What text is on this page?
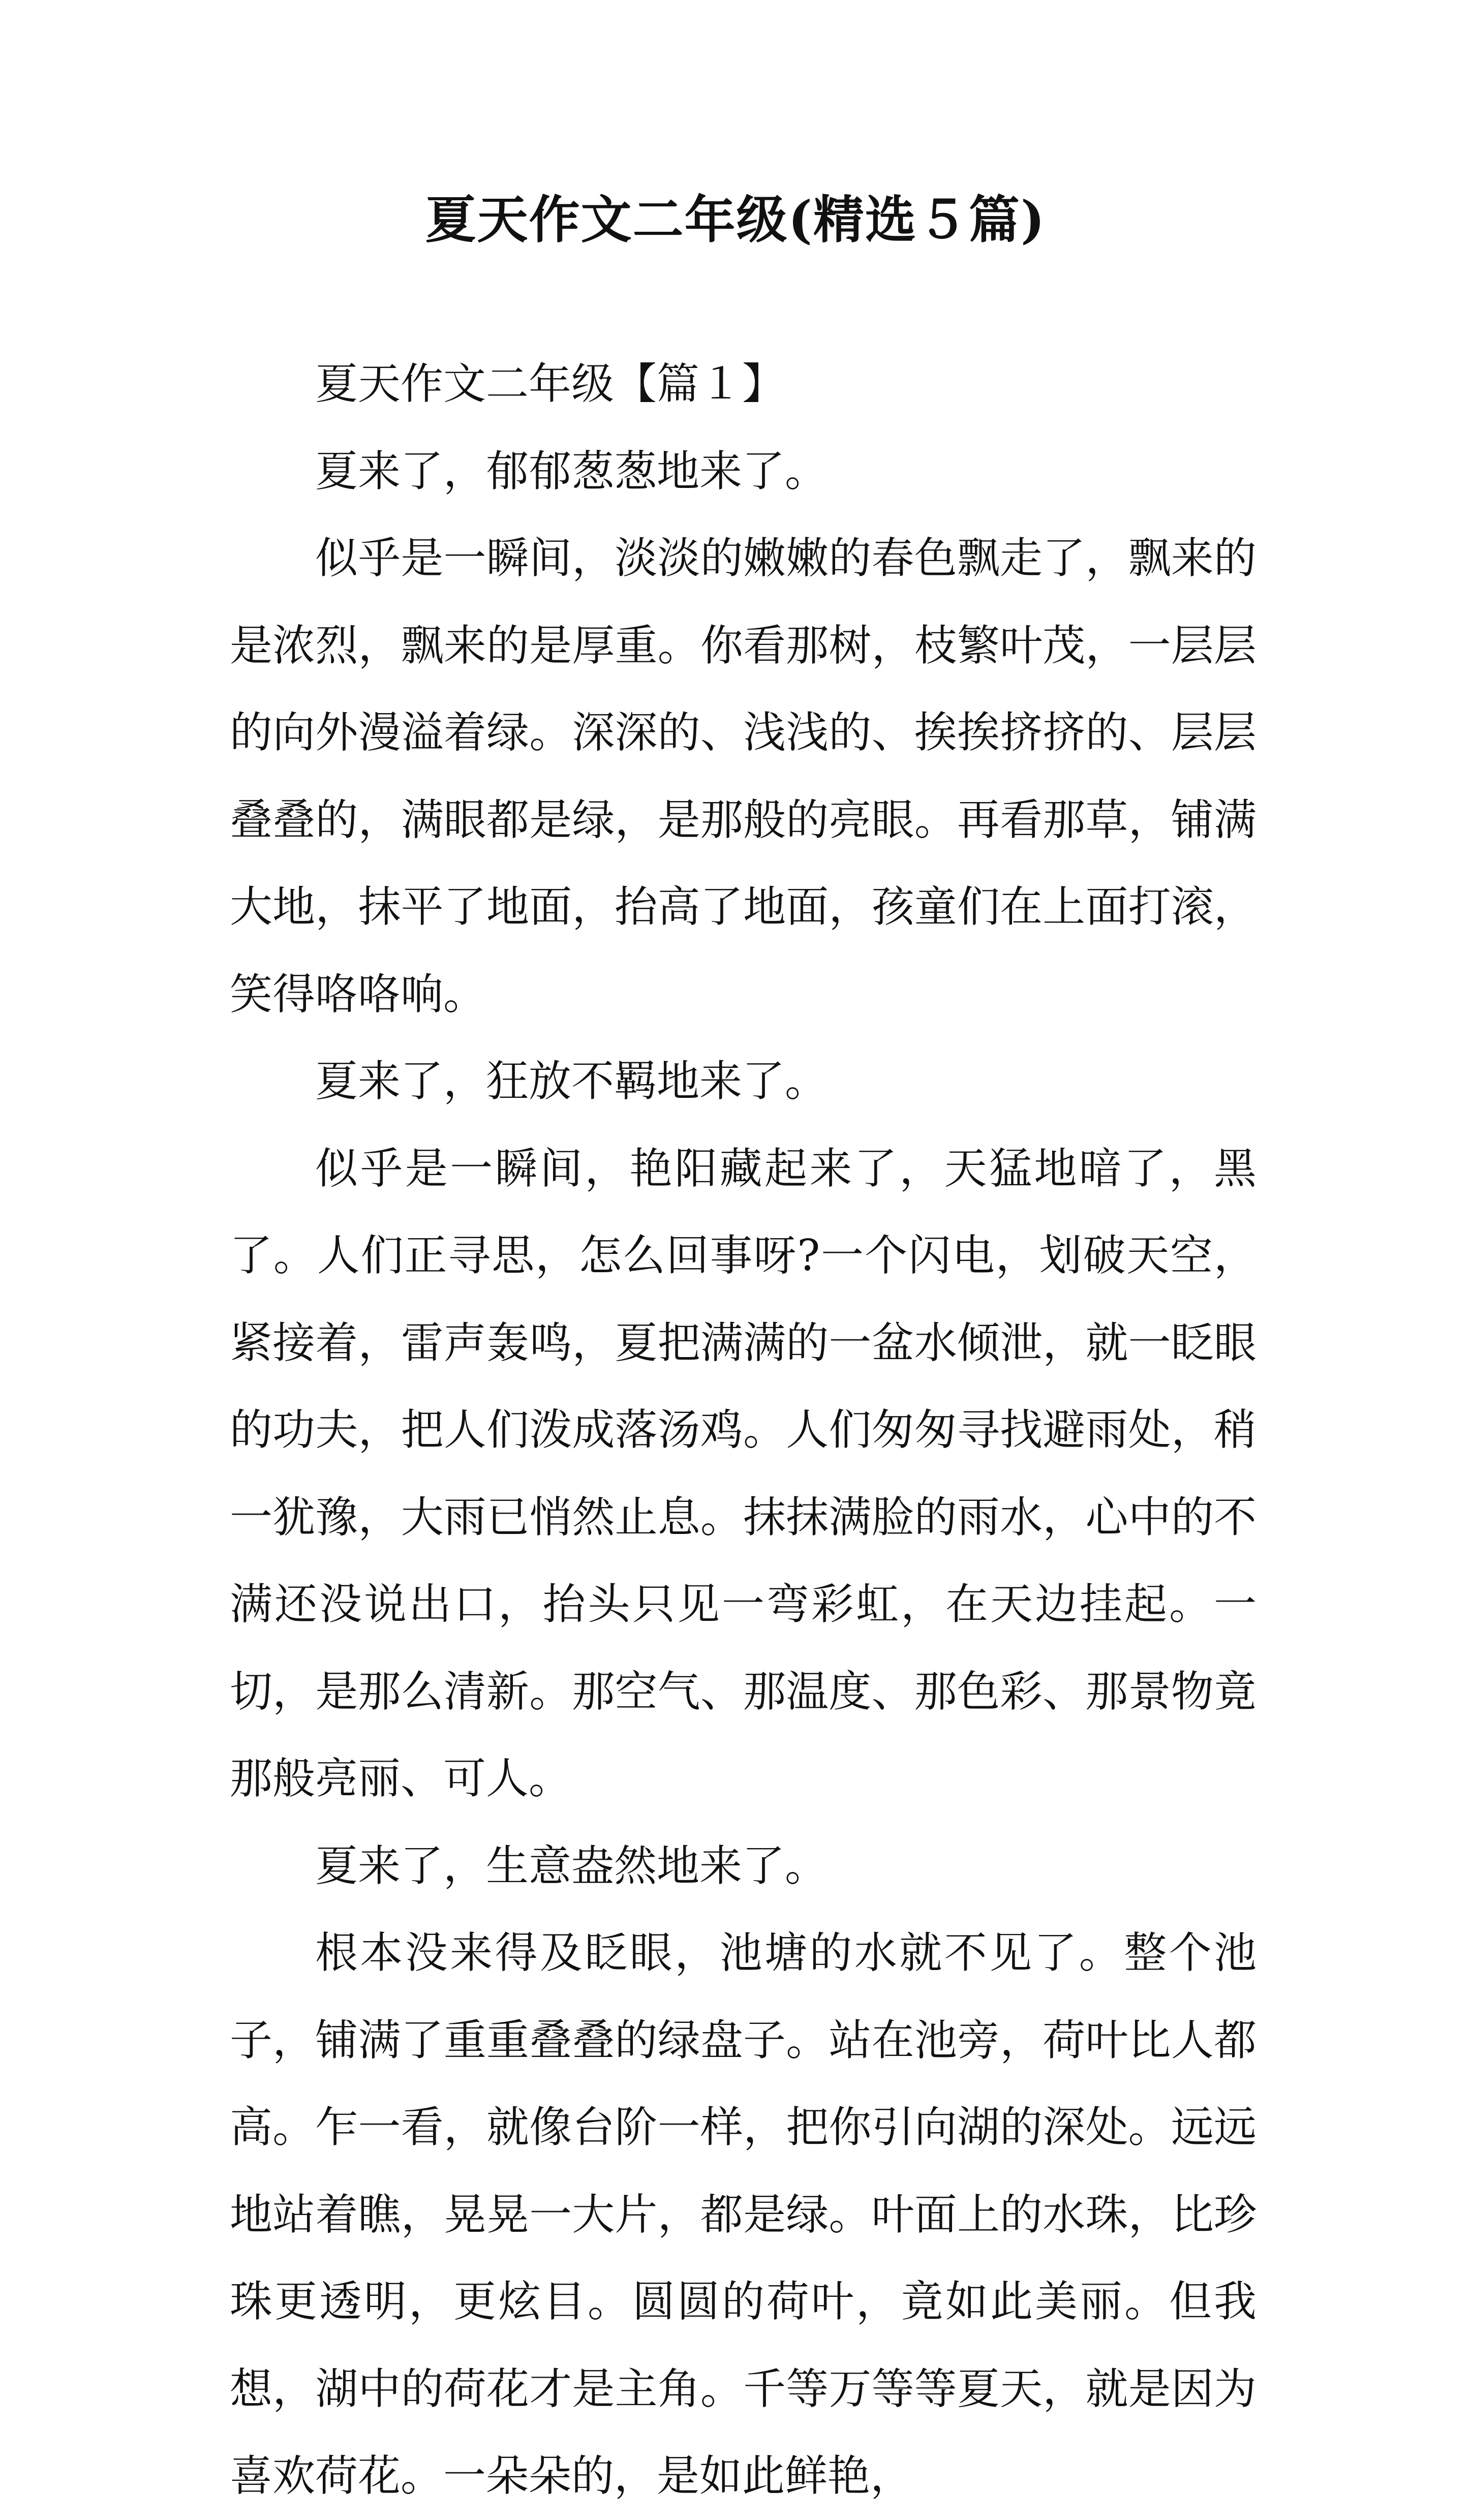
夏天作文二年级(精选５篇)

夏天作文二年级【篇１】

夏来了，郁郁葱葱地来了。

似乎是一瞬间，淡淡的嫩嫩的春色飘走了，飘来的是浓烈，飘来的是厚重。你看那树，枝繁叶茂，一层层的向外漫溢着绿。深深的、浅浅的、挨挨挤挤的、层层叠叠的，满眼都是绿，是那般的亮眼。再看那草，铺满大地，抹平了地面，抬高了地面，孩童们在上面打滚，笑得咯咯响。

夏来了，狂放不羁地来了。

似乎是一瞬间，艳阳藏起来了，天猛地暗了，黑了。人们正寻思，怎么回事呀?一个闪电，划破天空，紧接着，雷声轰鸣，夏把满满的一盆水倾泄，就一眨眼的功夫，把人们泼成落汤鸡。人们匆匆寻找避雨处，稍一犹豫，大雨已悄然止息。抹抹满脸的雨水，心中的不满还没说出口，抬头只见一弯彩虹，在天边挂起。一切，是那么清新。那空气、那温度、那色彩、那景物竟那般亮丽、可人。

夏来了，生意盎然地来了。

根本没来得及眨眼，池塘的水就不见了。整个池子，铺满了重重叠叠的绿盘子。站在池旁，荷叶比人都高。乍一看，就像台阶一样，把你引向湖的深处。远远地站着瞧，晃晃一大片，都是绿。叶面上的水珠，比珍珠更透明，更炫目。圆圆的荷叶，竟如此美丽。但我想，湖中的荷花才是主角。千等万等等夏天，就是因为喜欢荷花。一朵朵的，是如此鲜艳，
